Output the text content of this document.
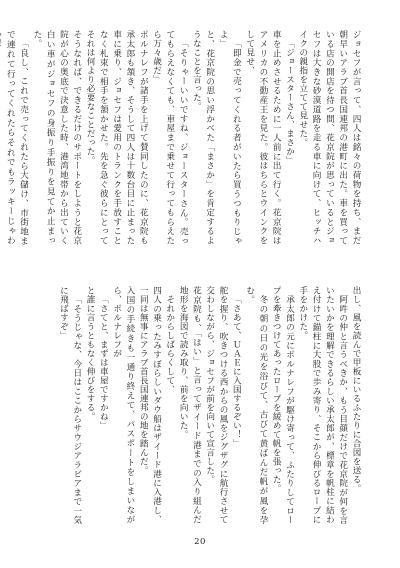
ジョセフが言って、四人は銘々の荷物を持ち、まだ朝早いアラブ首長国連邦の港町に出た。車を買っている店の開店を待つ間、花京院が思っているとジョセフは大きな砂漠道路を走る車に向けて、ヒッチハイクの親指を立てて見せた。

「ジョースターさん、まさか」

車を止めさせるために一人前に出て行く。花京院はアメリカの不動産王を見た。彼はちらとウインクをして見せ、

「即金で売ってくれる者がいたら買うつもりじゃよ」

と、花京院の思い浮かべた「まさか」を肯定するようなことを言った。

「そりゃーいいですね、ジョースターさん。売ってもらえなくても、車屋まで乗せて行ってもらえたら万々歳だ」

ポルナレフが諸手を上げて賛同したのに、花京院も承太郎も頷き、そうして四人は十数台目に止まった車に乗り、ジョセフは愛用のトランクを手放すことなく札束で相手を頷かせた。先を急ぐ彼らにとってそれは何より必要なことだった。

そうなれば、できるだけのサポートをしようと花京院が心の奥底で決意した時、港湾地帯から出ていく白い車がジョセフの身振り手振りを見てか止まった。

「良し、これで売ってくれたら大儲け、市街地まで連れて行ってくれたらそれでもラッキーじゃわ

出し、風を読んで甲板にいるふたりに合図を送る。

阿吽の仲と言うべきか、もう目顔だけで花京院が何を言いたいかを理解できるらしい承太郎が、標章を帆柱に結わえ付けて錨柱に大股で歩み寄り、そこから伸びるロープに手をかけた。

承太郎の元にポルナレフが駆け寄って、ふたりしてロープを牽きつけてあったロープを緩めて帆を張った。

冬の朝の日の光を浴びて、古びて黄ばんだ帆が風を孕む。

「さあて、ＵＡＥに入国するぞい！」

舵を握り、吹きつける西からの風をジグザグに航行させて交わしながら、ジョセフが前を向いて宣言した。

花京院も、「はい」と言ってザイード港までの入り組んだ地形を海図で読み取り、前を向いた。

それからしばらくして、

四人の乗ったみすぼらしいダウ船はザイード港に入港し、一同は無事にアラブ首長国連邦の地を踏んだ。

入国の手続きも一通り終えて、パスポートをしまいながら、ポルナレフが

「さてと、まずは車屋ですかね」

と誰に言うともなく伸びをする。

「そうじゃな、今日はここからサウジアラビアまで一気に飛ばすぞ」

20
